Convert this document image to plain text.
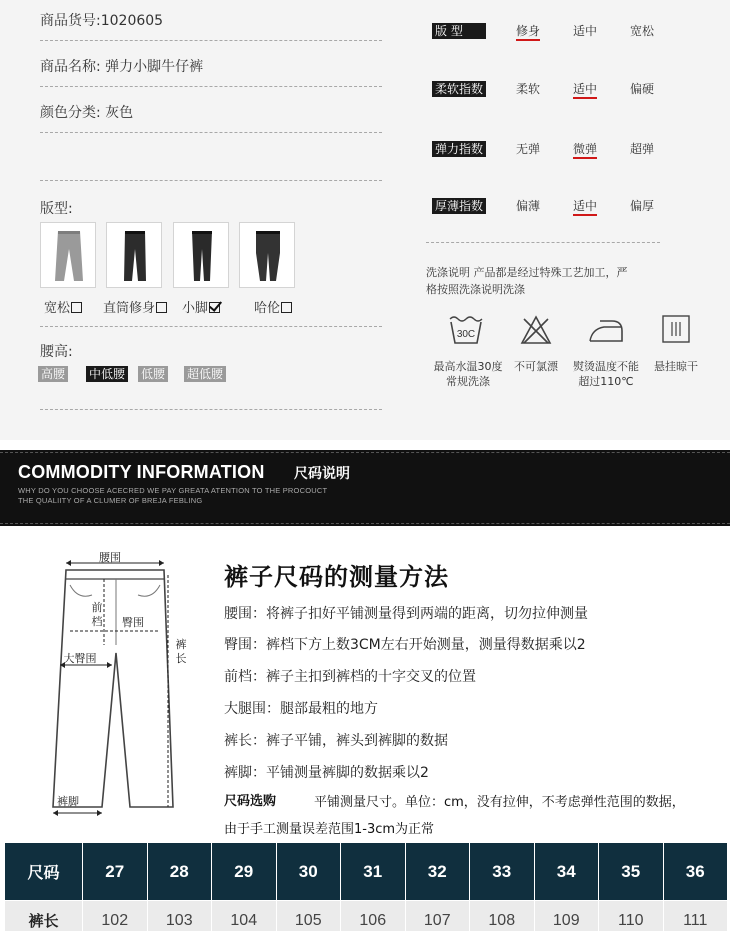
商品货号:1020605
商品名称: 弹力小脚牛仔裤
颜色分类: 灰色
版型:
宽松	直筒修身	小脚	哈伦
腰高:
高腰 中低腰 低腰 超低腰
版 型	修身	适中	宽松
柔软指数	柔软	适中	偏硬
弹力指数	无弹	微弹	超弹
厚薄指数	偏薄	适中	偏厚
洗涤说明 产品都是经过特殊工艺加工，严
格按照洗涤说明洗涤
30C
最高水温30度
常规洗涤
不可氯漂	熨烫温度不能
超过110℃
悬挂晾干
COMMODITY INFORMATION 尺码说明
WHY DO YOU CHOOSE ACECRED WE PAY GREATA ATENTION TO THE PROCOUCT
THE QUALIITY OF A CLUMER OF BREJA FEBLING
腰围
前
档 臀围
大臀围
裤
长
裤脚
裤子尺码的测量方法
腰围：将裤子扣好平铺测量得到两端的距离，切勿拉伸测量
臀围：裤档下方上数3CM左右开始测量，测量得数据乘以2
前档：裤子主扣到裤档的十字交叉的位置
大腿围：腿部最粗的地方
裤长：裤子平铺，裤头到裤脚的数据
裤脚：平铺测量裤脚的数据乘以2
尺码选购	平铺测量尺寸。单位：cm，没有拉伸，不考虑弹性范围的数据，
由于手工测量误差范围1-3cm为正常
尺码	27	28	29	30	31	32	33	34	35	36
裤长	102	103	104	105	106	107	108	109	110	111
